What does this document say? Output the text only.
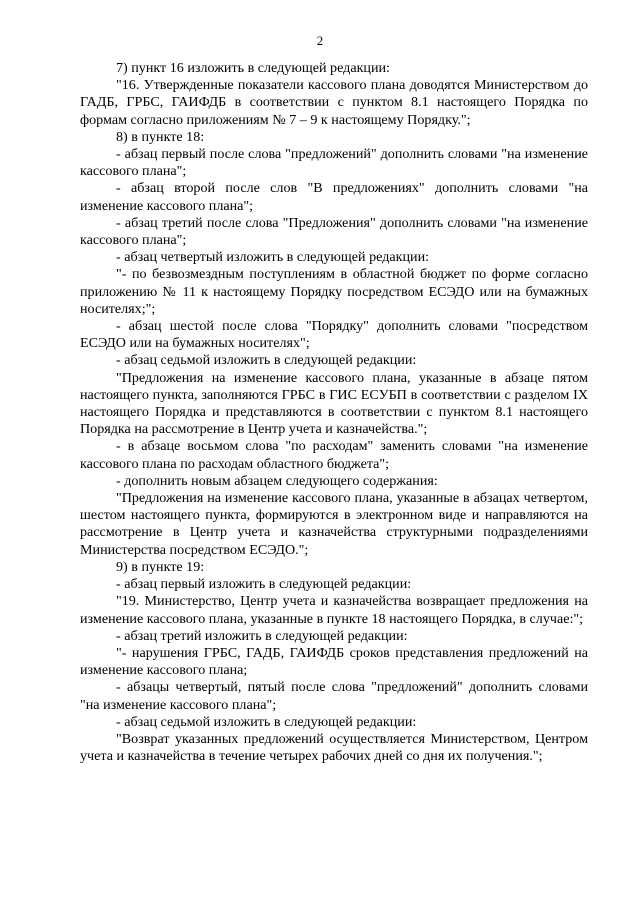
2

7) пункт 16 изложить в следующей редакции:

"16. Утвержденные показатели кассового плана доводятся Министерством до ГАДБ, ГРБС, ГАИФДБ в соответствии с пунктом 8.1 настоящего Порядка по формам согласно приложениям № 7 – 9 к настоящему Порядку.";

8) в пункте 18:

- абзац первый после слова "предложений" дополнить словами "на изменение кассового плана";

- абзац второй после слов "В предложениях" дополнить словами "на изменение кассового плана";

- абзац третий после слова "Предложения" дополнить словами "на изменение кассового плана";

- абзац четвертый изложить в следующей редакции:

"- по безвозмездным поступлениям в областной бюджет по форме согласно приложению № 11 к настоящему Порядку посредством ЕСЭДО или на бумажных носителях;";

- абзац шестой после слова "Порядку" дополнить словами "посредством ЕСЭДО или на бумажных носителях";

- абзац седьмой изложить в следующей редакции:

"Предложения на изменение кассового плана, указанные в абзаце пятом настоящего пункта, заполняются ГРБС в ГИС ЕСУБП в соответствии с разделом IX настоящего Порядка и представляются в соответствии с пунктом 8.1 настоящего Порядка на рассмотрение в Центр учета и казначейства.";

- в абзаце восьмом слова "по расходам" заменить словами "на изменение кассового плана по расходам областного бюджета";

- дополнить новым абзацем следующего содержания:

"Предложения на изменение кассового плана, указанные в абзацах четвертом, шестом настоящего пункта, формируются в электронном виде и направляются на рассмотрение в Центр учета и казначейства структурными подразделениями Министерства посредством ЕСЭДО.";

9) в пункте 19:

- абзац первый изложить в следующей редакции:

"19. Министерство, Центр учета и казначейства возвращает предложения на изменение кассового плана, указанные в пункте 18 настоящего Порядка, в случае:";

- абзац третий изложить в следующей редакции:

"- нарушения ГРБС, ГАДБ, ГАИФДБ сроков представления предложений на изменение кассового плана;

- абзацы четвертый, пятый после слова "предложений" дополнить словами "на изменение кассового плана";

- абзац седьмой изложить в следующей редакции:

"Возврат указанных предложений осуществляется Министерством, Центром учета и казначейства в течение четырех рабочих дней со дня их получения.";
